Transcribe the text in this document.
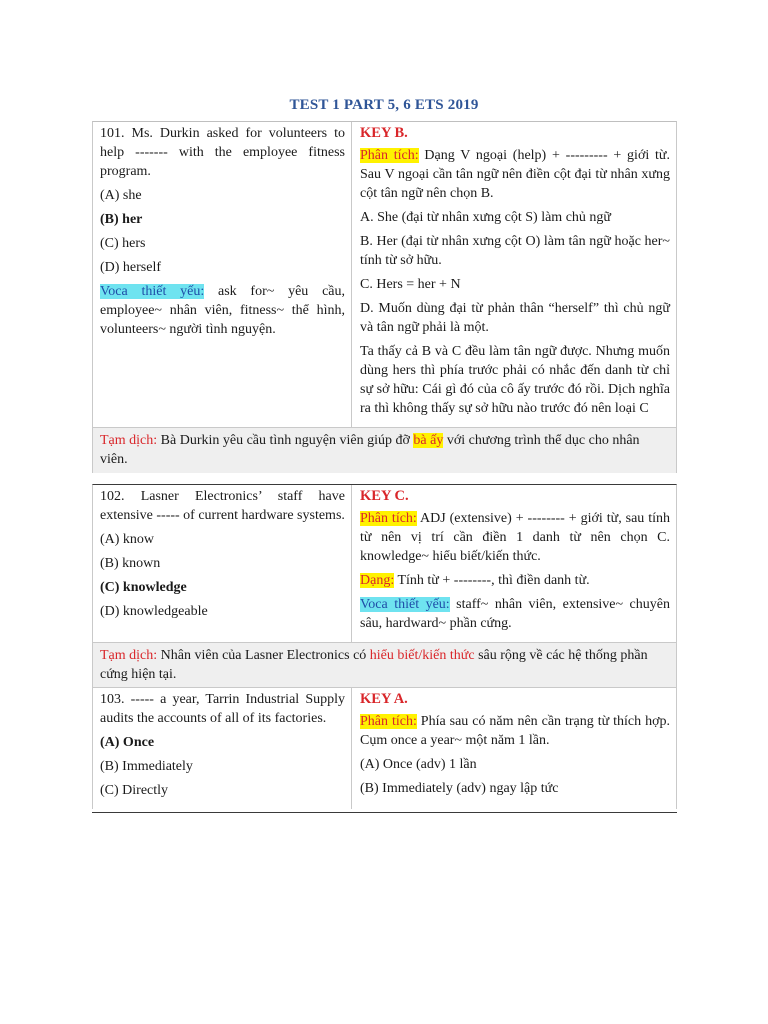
TEST 1 PART 5, 6 ETS 2019

101. Ms. Durkin asked for volunteers to help ------- with the employee fitness program.

(A) she

(B) her

(C) hers

(D) herself

Voca thiết yếu: ask for~ yêu cầu, employee~ nhân viên, fitness~ thể hình, volunteers~ người tình nguyện.

KEY B.

Phân tích: Dạng V ngoại (help) + --------- + giới từ. Sau V ngoại cần tân ngữ nên điền cột đại từ nhân xưng cột tân ngữ nên chọn B.

A. She (đại từ nhân xưng cột S) làm chủ ngữ

B. Her (đại từ nhân xưng cột O) làm tân ngữ hoặc her~ tính từ sở hữu.

C. Hers = her + N

D. Muốn dùng đại từ phản thân “herself” thì chủ ngữ và tân ngữ phải là một.

Ta thấy cả B và C đều làm tân ngữ được. Nhưng muốn dùng hers thì phía trước phải có nhắc đến danh từ chỉ sự sở hữu: Cái gì đó của cô ấy trước đó rồi. Dịch nghĩa ra thì không thấy sự sở hữu nào trước đó nên loại C

Tạm dịch: Bà Durkin yêu cầu tình nguyện viên giúp đỡ bà ấy với chương trình thể dục cho nhân viên.

102. Lasner Electronics’ staff have extensive ----- of current hardware systems.

(A) know

(B) known

(C) knowledge

(D) knowledgeable

KEY C.

Phân tích: ADJ (extensive) + -------- + giới từ, sau tính từ nên vị trí cần điền 1 danh từ nên chọn C. knowledge~ hiểu biết/kiến thức.

Dạng: Tính từ + --------, thì điền danh từ.

Voca thiết yếu: staff~ nhân viên, extensive~ chuyên sâu, hardward~ phần cứng.

Tạm dịch: Nhân viên của Lasner Electronics có hiểu biết/kiến thức sâu rộng về các hệ thống phần cứng hiện tại.

103. ----- a year, Tarrin Industrial Supply audits the accounts of all of its factories.

(A) Once

(B) Immediately

(C) Directly

KEY A.

Phân tích: Phía sau có năm nên cần trạng từ thích hợp. Cụm once a year~ một năm 1 lần.

(A) Once (adv) 1 lần

(B) Immediately (adv) ngay lập tức
